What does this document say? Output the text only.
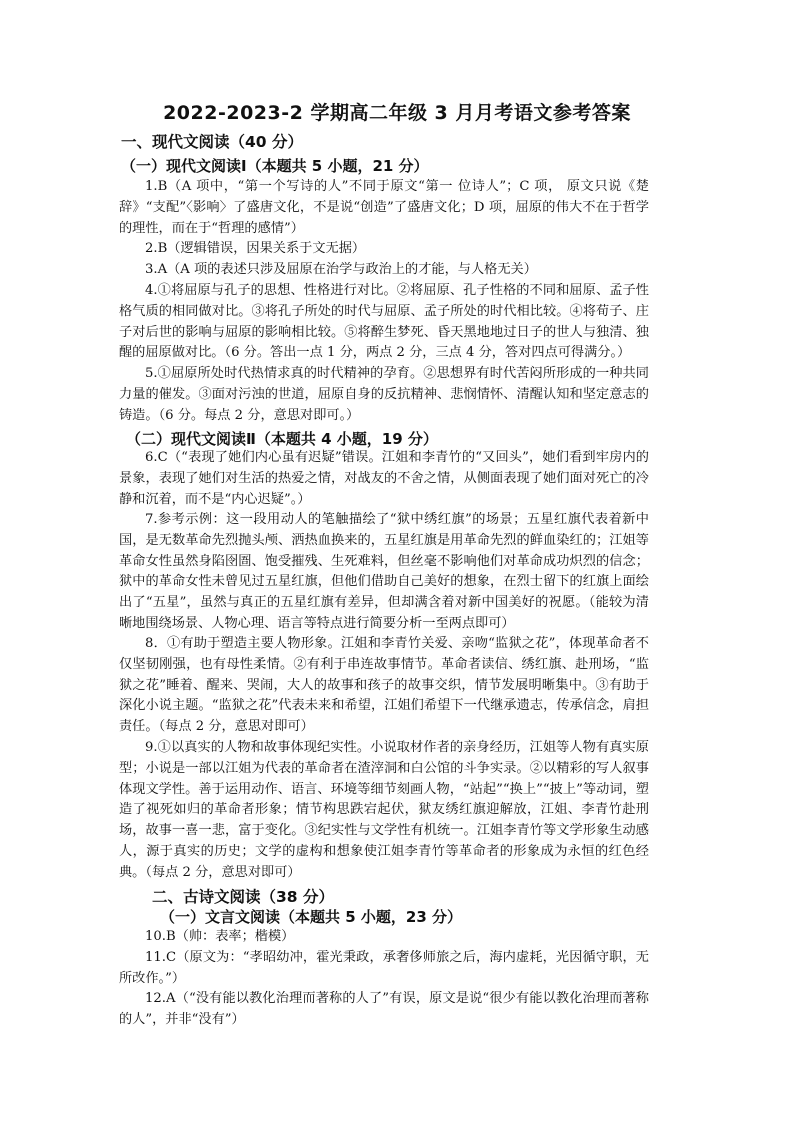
2022-2023-2 学期高二年级 3 月月考语文参考答案
一、现代文阅读（40 分）
（一）现代文阅读Ⅰ（本题共 5 小题，21 分）

1.B（A 项中，“第一个写诗的人”不同于原文“第一 位诗人”；C 项， 原文只说《楚辞》“支配”〈影响〉了盛唐文化，不是说“创造”了盛唐文化；D 项，屈原的伟大不在于哲学的理性，而在于“哲理的感情”）

2.B（逻辑错误，因果关系于文无据）

3.A（A 项的表述只涉及屈原在治学与政治上的才能，与人格无关）

4.①将屈原与孔子的思想、性格进行对比。②将屈原、孔子性格的不同和屈原、孟子性格气质的相同做对比。③将孔子所处的时代与屈原、孟子所处的时代相比较。④将荀子、庄子对后世的影响与屈原的影响相比较。⑤将醉生梦死、昏天黑地地过日子的世人与独清、独醒的屈原做对比。（6 分。答出一点 1 分，两点 2 分，三点 4 分，答对四点可得满分。）

5.①屈原所处时代热情求真的时代精神的孕育。②思想界有时代苦闷所形成的一种共同力量的催发。③面对污浊的世道，屈原自身的反抗精神、悲悯情怀、清醒认知和坚定意志的铸造。（6 分。每点 2 分，意思对即可。）

（二）现代文阅读Ⅱ（本题共 4 小题，19 分）

6.C（“表现了她们内心虽有迟疑”错误。江姐和李青竹的“又回头”，她们看到牢房内的景象，表现了她们对生活的热爱之情，对战友的不舍之情，从侧面表现了她们面对死亡的冷静和沉着，而不是“内心迟疑”。）

7.参考示例：这一段用动人的笔触描绘了“狱中绣红旗”的场景；五星红旗代表着新中国，是无数革命先烈抛头颅、洒热血换来的，五星红旗是用革命先烈的鲜血染红的；江姐等革命女性虽然身陷囹圄、饱受摧残、生死难料，但丝毫不影响他们对革命成功炽烈的信念；狱中的革命女性未曾见过五星红旗，但他们借助自己美好的想象，在烈士留下的红旗上面绘出了“五星”，虽然与真正的五星红旗有差异，但却满含着对新中国美好的祝愿。（能较为清晰地围绕场景、人物心理、语言等特点进行简要分析一至两点即可）

8．①有助于塑造主要人物形象。江姐和李青竹关爱、亲吻“监狱之花”，体现革命者不仅坚韧刚强，也有母性柔情。②有利于串连故事情节。革命者读信、绣红旗、赴刑场，“监狱之花”睡着、醒来、哭闹，大人的故事和孩子的故事交织，情节发展明晰集中。③有助于深化小说主题。“监狱之花”代表未来和希望，江姐们希望下一代继承遗志，传承信念，肩担责任。（每点 2 分，意思对即可）

9.①以真实的人物和故事体现纪实性。小说取材作者的亲身经历，江姐等人物有真实原型；小说是一部以江姐为代表的革命者在渣滓洞和白公馆的斗争实录。②以精彩的写人叙事体现文学性。善于运用动作、语言、环境等细节刻画人物，“站起”“换上”“披上”等动词，塑造了视死如归的革命者形象；情节构思跌宕起伏，狱友绣红旗迎解放，江姐、李青竹赴刑场，故事一喜一悲，富于变化。③纪实性与文学性有机统一。江姐李青竹等文学形象生动感人，源于真实的历史；文学的虚构和想象使江姐李青竹等革命者的形象成为永恒的红色经典。（每点 2 分，意思对即可）

二、古诗文阅读（38 分）
（一）文言文阅读（本题共 5 小题，23 分）

10.B（帅：表率；楷模）

11.C（原文为：“孝昭幼冲，霍光秉政，承奢侈师旅之后，海内虚耗，光因循守职，无所改作。”）

12.A（“没有能以教化治理而著称的人了”有误，原文是说“很少有能以教化治理而著称的人”，并非“没有”）
